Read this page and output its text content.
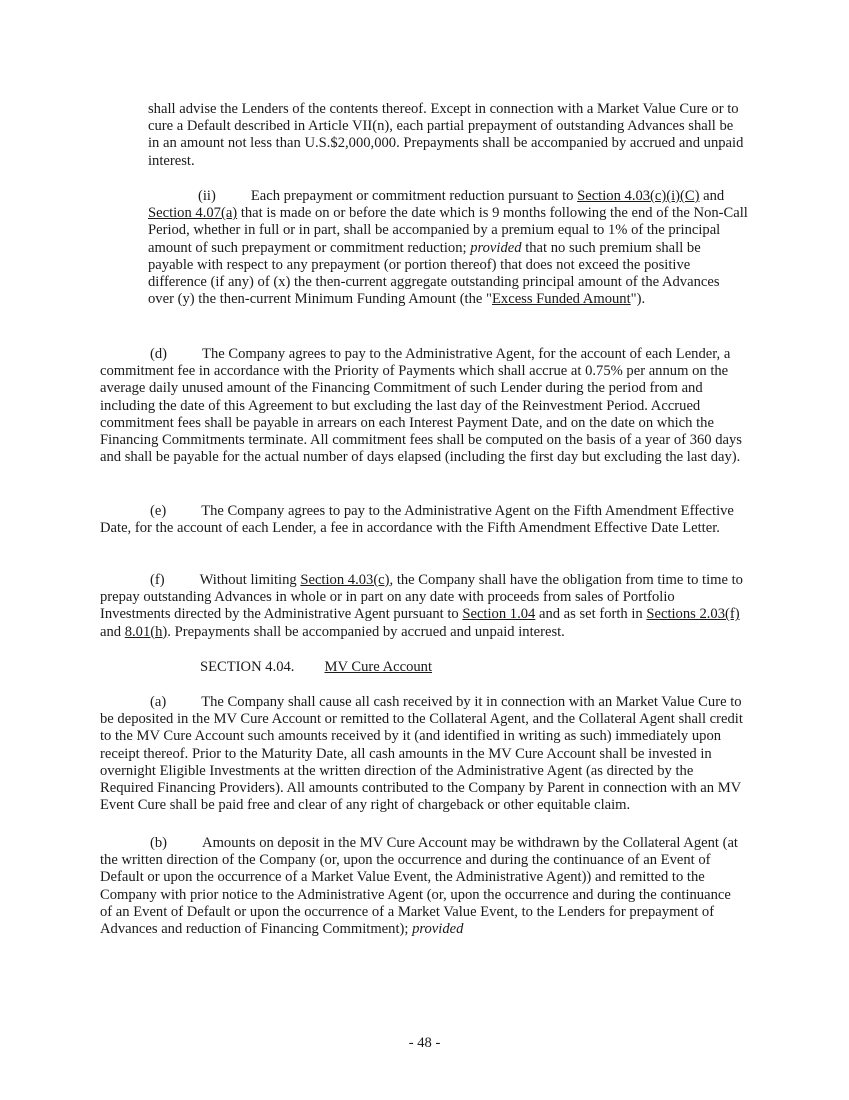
shall advise the Lenders of the contents thereof. Except in connection with a Market Value Cure or to cure a Default described in Article VII(n), each partial prepayment of outstanding Advances shall be in an amount not less than U.S.$2,000,000. Prepayments shall be accompanied by accrued and unpaid interest.

(ii) Each prepayment or commitment reduction pursuant to Section 4.03(c)(i)(C) and Section 4.07(a) that is made on or before the date which is 9 months following the end of the Non-Call Period, whether in full or in part, shall be accompanied by a premium equal to 1% of the principal amount of such prepayment or commitment reduction; provided that no such premium shall be payable with respect to any prepayment (or portion thereof) that does not exceed the positive difference (if any) of (x) the then-current aggregate outstanding principal amount of the Advances over (y) the then-current Minimum Funding Amount (the "Excess Funded Amount").

(d) The Company agrees to pay to the Administrative Agent, for the account of each Lender, a commitment fee in accordance with the Priority of Payments which shall accrue at 0.75% per annum on the average daily unused amount of the Financing Commitment of such Lender during the period from and including the date of this Agreement to but excluding the last day of the Reinvestment Period. Accrued commitment fees shall be payable in arrears on each Interest Payment Date, and on the date on which the Financing Commitments terminate. All commitment fees shall be computed on the basis of a year of 360 days and shall be payable for the actual number of days elapsed (including the first day but excluding the last day).

(e) The Company agrees to pay to the Administrative Agent on the Fifth Amendment Effective Date, for the account of each Lender, a fee in accordance with the Fifth Amendment Effective Date Letter.

(f) Without limiting Section 4.03(c), the Company shall have the obligation from time to time to prepay outstanding Advances in whole or in part on any date with proceeds from sales of Portfolio Investments directed by the Administrative Agent pursuant to Section 1.04 and as set forth in Sections 2.03(f) and 8.01(h). Prepayments shall be accompanied by accrued and unpaid interest.

SECTION 4.04. MV Cure Account

(a) The Company shall cause all cash received by it in connection with an Market Value Cure to be deposited in the MV Cure Account or remitted to the Collateral Agent, and the Collateral Agent shall credit to the MV Cure Account such amounts received by it (and identified in writing as such) immediately upon receipt thereof. Prior to the Maturity Date, all cash amounts in the MV Cure Account shall be invested in overnight Eligible Investments at the written direction of the Administrative Agent (as directed by the Required Financing Providers). All amounts contributed to the Company by Parent in connection with an MV Event Cure shall be paid free and clear of any right of chargeback or other equitable claim.

(b) Amounts on deposit in the MV Cure Account may be withdrawn by the Collateral Agent (at the written direction of the Company (or, upon the occurrence and during the continuance of an Event of Default or upon the occurrence of a Market Value Event, the Administrative Agent)) and remitted to the Company with prior notice to the Administrative Agent (or, upon the occurrence and during the continuance of an Event of Default or upon the occurrence of a Market Value Event, to the Lenders for prepayment of Advances and reduction of Financing Commitment); provided

- 48 -
